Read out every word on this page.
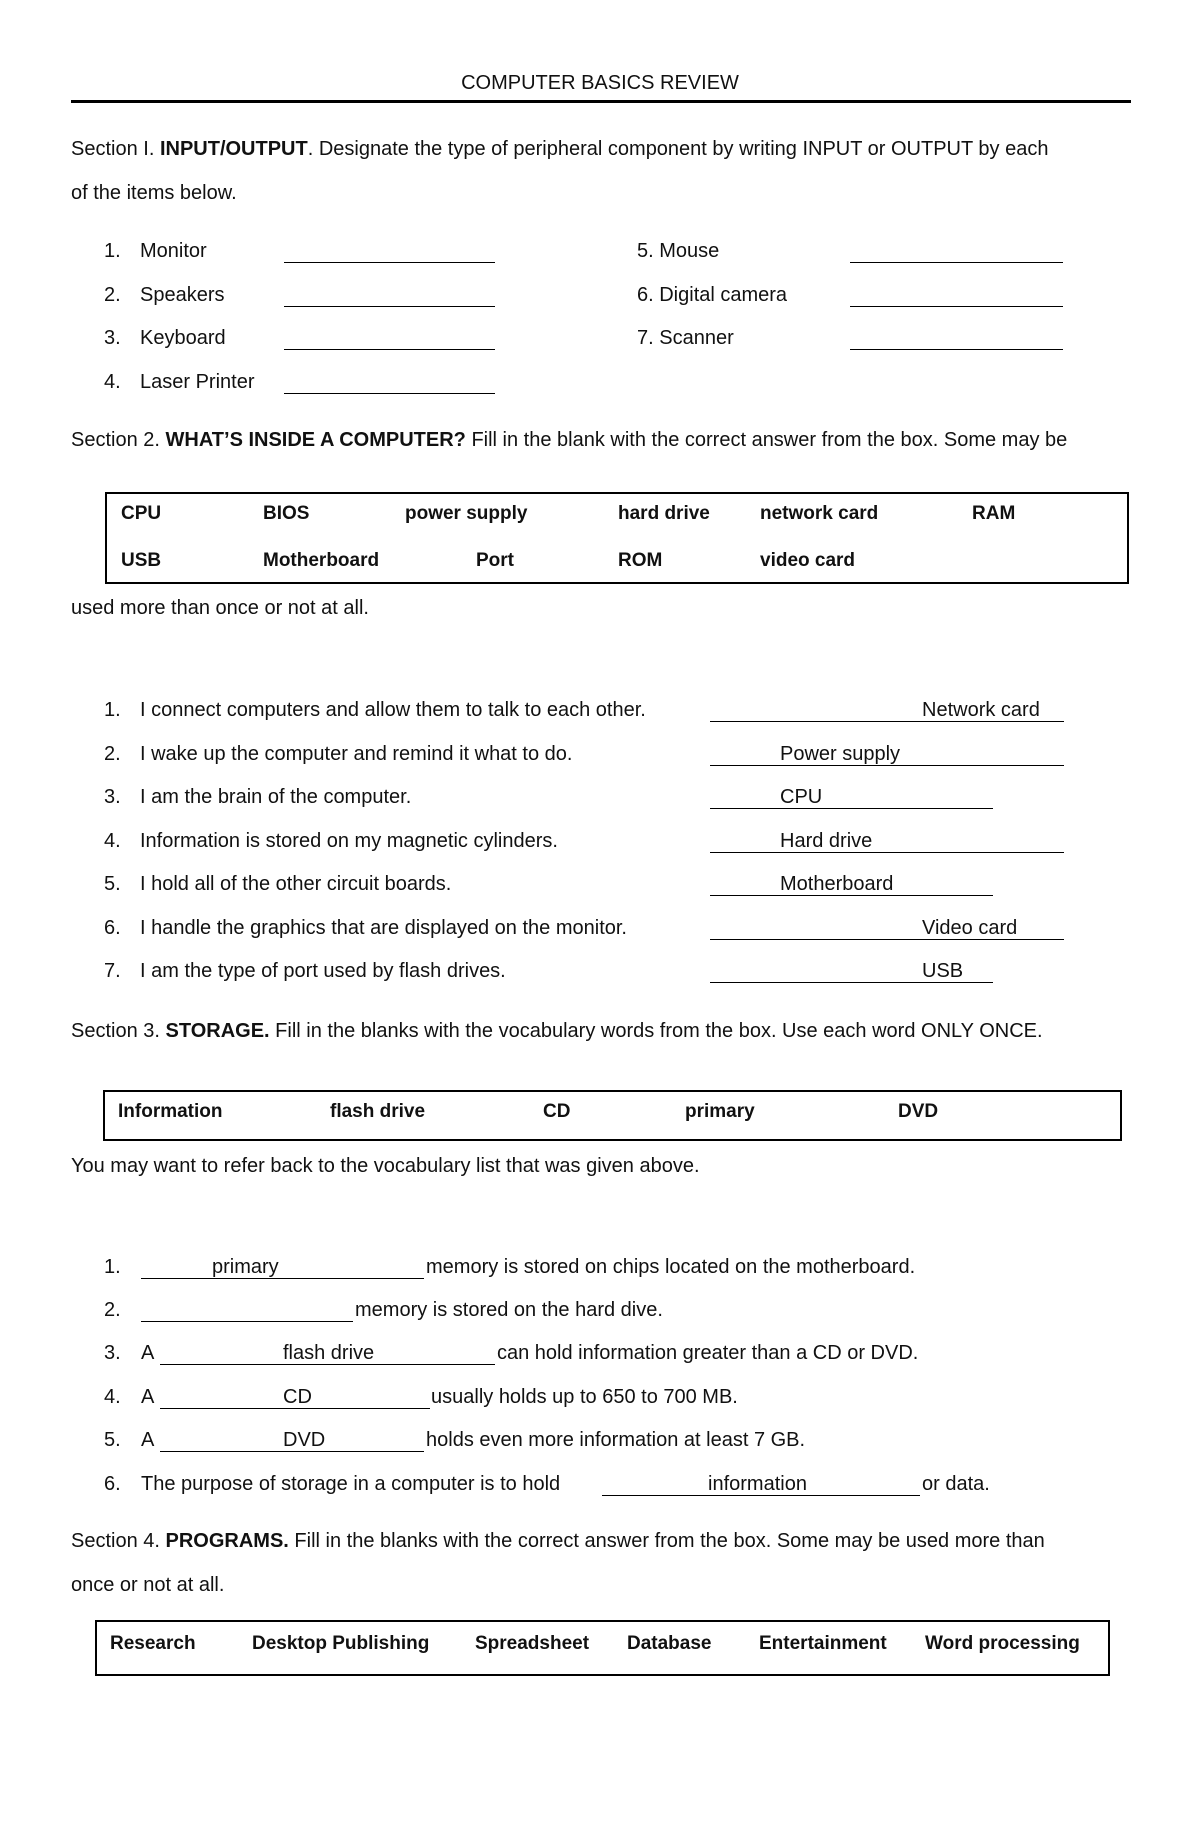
COMPUTER BASICS REVIEW
Section I. INPUT/OUTPUT. Designate the type of peripheral component by writing INPUT or OUTPUT by each
of the items below.
1. Monitor
2. Speakers
3. Keyboard
4. Laser Printer
5. Mouse
6. Digital camera
7. Scanner
Section 2. WHAT’S INSIDE A COMPUTER? Fill in the blank with the correct answer from the box. Some may be
CPU	BIOS	power supply	hard drive	network card	RAM
USB	Motherboard	Port	ROM	video card
used more than once or not at all.
1. I connect computers and allow them to talk to each other.	Network card
2. I wake up the computer and remind it what to do.	Power supply
3. I am the brain of the computer.	CPU
4. Information is stored on my magnetic cylinders.	Hard drive
5. I hold all of the other circuit boards.	Motherboard
6. I handle the graphics that are displayed on the monitor.	Video card
7. I am the type of port used by flash drives.	USB
Section 3. STORAGE. Fill in the blanks with the vocabulary words from the box. Use each word ONLY ONCE.
Information	flash drive	CD	primary	DVD
You may want to refer back to the vocabulary list that was given above.
1.	primary	memory is stored on chips located on the motherboard.
2.	memory is stored on the hard dive.
3. A	flash drive	can hold information greater than a CD or DVD.
4. A	CD	usually holds up to 650 to 700 MB.
5. A	DVD	holds even more information at least 7 GB.
6. The purpose of storage in a computer is to hold	information	or data.
Section 4. PROGRAMS. Fill in the blanks with the correct answer from the box. Some may be used more than
once or not at all.
Research	Desktop Publishing Spreadsheet Database	Entertainment Word processing
